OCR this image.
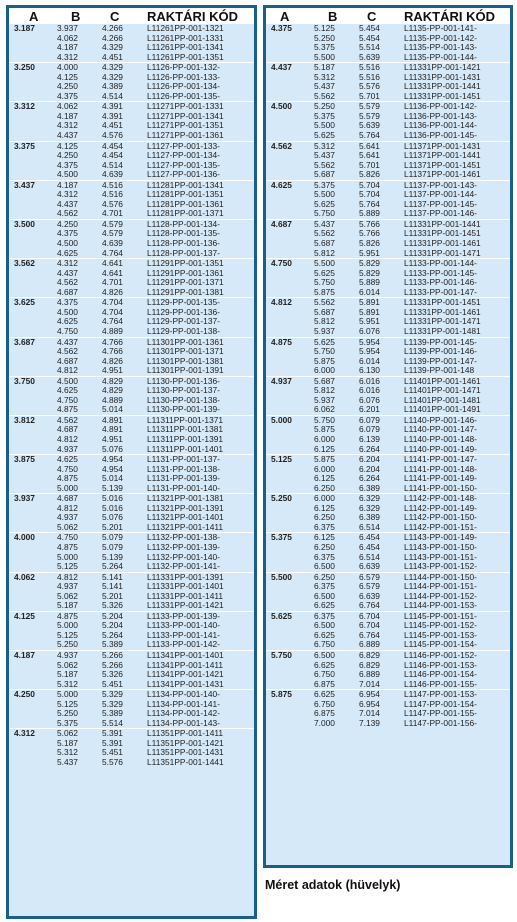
A	B	C	RAKTÁRI KÓD
3.187	3.937	4.266	L11261PP-001-1321
	4.062	4.266	L11261PP-001-1331
	4.187	4.329	L11261PP-001-1341
	4.312	4.451	L11261PP-001-1351
3.250	4.000	4.329	L1126-PP-001-132-
	4.125	4.329	L1126-PP-001-133-
	4.250	4.389	L1126-PP-001-134-
	4.375	4.514	L1126-PP-001-135-
3.312	4.062	4.391	L11271PP-001-1331
	4.187	4.391	L11271PP-001-1341
	4.312	4.451	L11271PP-001-1351
	4.437	4.576	L11271PP-001-1361
3.375	4.125	4.454	L1127-PP-001-133-
	4.250	4.454	L1127-PP-001-134-
	4.375	4.514	L1127-PP-001-135-
	4.500	4.639	L1127-PP-001-136-
3.437	4.187	4.516	L11281PP-001-1341
	4.312	4.516	L11281PP-001-1351
	4.437	4.576	L11281PP-001-1361
	4.562	4.701	L11281PP-001-1371
3.500	4.250	4.579	L1128-PP-001-134-
	4.375	4.579	L1128-PP-001-135-
	4.500	4.639	L1128-PP-001-136-
	4.625	4.764	L1128-PP-001-137-
3.562	4.312	4.641	L11291PP-001-1351
	4.437	4.641	L11291PP-001-1361
	4.562	4.701	L11291PP-001-1371
	4.687	4.826	L11291PP-001-1381
3.625	4.375	4.704	L1129-PP-001-135-
	4.500	4.704	L1129-PP-001-136-
	4.625	4.764	L1129-PP-001-137-
	4.750	4.889	L1129-PP-001-138-
3.687	4.437	4.766	L11301PP-001-1361
	4.562	4.766	L11301PP-001-1371
	4.687	4.826	L11301PP-001-1381
	4.812	4.951	L11301PP-001-1391
3.750	4.500	4.829	L1130-PP-001-136-
	4.625	4.829	L1130-PP-001-137-
	4.750	4.889	L1130-PP-001-138-
	4.875	5.014	L1130-PP-001-139-
3.812	4.562	4.891	L11311PP-001-1371
	4.687	4.891	L11311PP-001-1381
	4.812	4.951	L11311PP-001-1391
	4.937	5.076	L11311PP-001-1401
3.875	4.625	4.954	L1131-PP-001-137-
	4.750	4.954	L1131-PP-001-138-
	4.875	5.014	L1131-PP-001-139-
	5.000	5.139	L1131-PP-001-140-
3.937	4.687	5.016	L11321PP-001-1381
	4.812	5.016	L11321PP-001-1391
	4.937	5.076	L11321PP-001-1401
	5.062	5.201	L11321PP-001-1411
4.000	4.750	5.079	L1132-PP-001-138-
	4.875	5.079	L1132-PP-001-139-
	5.000	5.139	L1132-PP-001-140-
	5.125	5.264	L1132-PP-001-141-
4.062	4.812	5.141	L11331PP-001-1391
	4.937	5.141	L11331PP-001-1401
	5.062	5.201	L11331PP-001-1411
	5.187	5.326	L11331PP-001-1421
4.125	4.875	5.204	L1133-PP-001-139-
	5.000	5.204	L1133-PP-001-140-
	5.125	5.264	L1133-PP-001-141-
	5.250	5.389	L1133-PP-001-142-
4.187	4.937	5.266	L11341PP-001-1401
	5.062	5.266	L11341PP-001-1411
	5.187	5.326	L11341PP-001-1421
	5.312	5.451	L11341PP-001-1431
4.250	5.000	5.329	L1134-PP-001-140-
	5.125	5.329	L1134-PP-001-141-
	5.250	5.389	L1134-PP-001-142-
	5.375	5.514	L1134-PP-001-143-
4.312	5.062	5.391	L11351PP-001-1411
	5.187	5.391	L11351PP-001-1421
	5.312	5.451	L11351PP-001-1431
	5.437	5.576	L11351PP-001-1441
A	B	C	RAKTÁRI KÓD
4.375	5.125	5.454	L1135-PP-001-141-
	5.250	5.454	L1135-PP-001-142-
	5.375	5.514	L1135-PP-001-143-
	5.500	5.639	L1135-PP-001-144-
4.437	5.187	5.516	L11331PP-001-1421
	5.312	5.516	L11331PP-001-1431
	5.437	5.576	L11331PP-001-1441
	5.562	5.701	L11331PP-001-1451
4.500	5.250	5.579	L1136-PP-001-142-
	5.375	5.579	L1136-PP-001-143-
	5.500	5.639	L1136-PP-001-144-
	5.625	5.764	L1136-PP-001-145-
4.562	5.312	5.641	L11371PP-001-1431
	5.437	5.641	L11371PP-001-1441
	5.562	5.701	L11371PP-001-1451
	5.687	5.826	L11371PP-001-1461
4.625	5.375	5.704	L1137-PP-001-143-
	5.500	5.704	L1137-PP-001-144-
	5.625	5.764	L1137-PP-001-145-
	5.750	5.889	L1137-PP-001-146-
4.687	5.437	5.766	L11331PP-001-1441
	5.562	5.766	L11331PP-001-1451
	5.687	5.826	L11331PP-001-1461
	5.812	5.951	L11331PP-001-1471
4.750	5.500	5.829	L1133-PP-001-144-
	5.625	5.829	L1133-PP-001-145-
	5.750	5.889	L1133-PP-001-146-
	5.875	6.014	L1133-PP-001-147-
4.812	5.562	5.891	L11331PP-001-1451
	5.687	5.891	L11331PP-001-1461
	5.812	5.951	L11331PP-001-1471
	5.937	6.076	L11331PP-001-1481
4.875	5.625	5.954	L1139-PP-001-145-
	5.750	5.954	L1139-PP-001-146-
	5.875	6.014	L1139-PP-001-147-
	6.000	6.130	L1139-PP-001-148
4.937	5.687	6.016	L11401PP-001-1461
	5.812	6.016	L11401PP-001-1471
	5.937	6.076	L11401PP-001-1481
	6.062	6.201	L11401PP-001-1491
5.000	5.750	6.079	L1140-PP-001-146-
	5.875	6.079	L1140-PP-001-147-
	6.000	6.139	L1140-PP-001-148-
	6.125	6.264	L1140-PP-001-149-
5.125	5.875	6.204	L1141-PP-001-147-
	6.000	6.204	L1141-PP-001-148-
	6.125	6.264	L1141-PP-001-149-
	6.250	6.389	L1141-PP-001-150-
5.250	6.000	6.329	L1142-PP-001-148-
	6.125	6.329	L1142-PP-001-149-
	6.250	6.389	L1142-PP-001-150-
	6.375	6.514	L1142-PP-001-151-
5.375	6.125	6.454	L1143-PP-001-149-
	6.250	6.454	L1143-PP-001-150-
	6.375	6.514	L1143-PP-001-151-
	6.500	6.639	L1143-PP-001-152-
5.500	6.250	6.579	L1144-PP-001-150-
	6.375	6.579	L1144-PP-001-151-
	6.500	6.639	L1144-PP-001-152-
	6.625	6.764	L1144-PP-001-153-
5.625	6.375	6.704	L1145-PP-001-151-
	6.500	6.704	L1145-PP-001-152-
	6.625	6.764	L1145-PP-001-153-
	6.750	6.889	L1145-PP-001-154-
5.750	6.500	6.829	L1146-PP-001-152-
	6.625	6.829	L1146-PP-001-153-
	6.750	6.889	L1146-PP-001-154-
	6.875	7.014	L1146-PP-001-155-
5.875	6.625	6.954	L1147-PP-001-153-
	6.750	6.954	L1147-PP-001-154-
	6.875	7.014	L1147-PP-001-155-
	7.000	7.139	L1147-PP-001-156-
Méret adatok (hüvelyk)
